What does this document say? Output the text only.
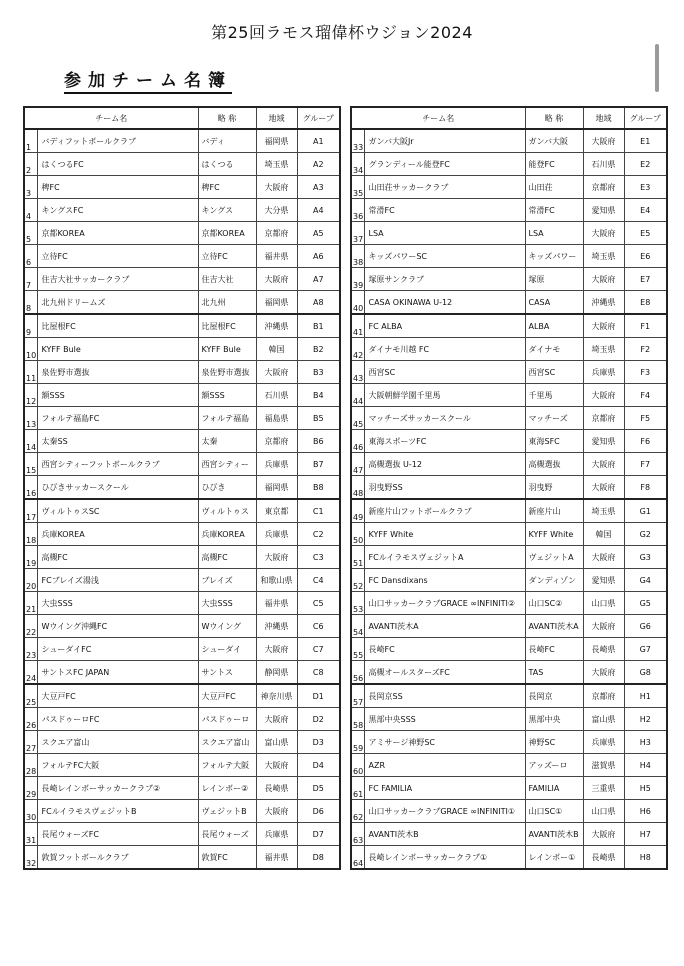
第25回ラモス瑠偉杯ウジョン2024
参加チーム名簿
チーム名		略 称	地域	グループ
1	バディフットボールクラブ	バディ	福岡県	A1
2	はくつるFC	はくつる	埼玉県	A2
3	稗FC	稗FC	大阪府	A3
4	キングスFC	キングス	大分県	A4
5	京都KOREA	京都KOREA	京都府	A5
6	立待FC	立待FC	福井県	A6
7	住吉大社サッカークラブ	住吉大社	大阪府	A7
8	北九州ドリームズ	北九州	福岡県	A8
9	比屋根FC	比屋根FC	沖縄県	B1
10	KYFF Bule	KYFF Bule	韓国	B2
11	泉佐野市選抜	泉佐野市選抜	大阪府	B3
12	額SSS	額SSS	石川県	B4
13	フォルテ福島FC	フォルテ福島	福島県	B5
14	太秦SS	太秦	京都府	B6
15	西宮シティーフットボールクラブ	西宮シティー	兵庫県	B7
16	ひびきサッカースクール	ひびき	福岡県	B8
17	ヴィルトゥスSC	ヴィルトゥス	東京都	C1
18	兵庫KOREA	兵庫KOREA	兵庫県	C2
19	高槻FC	高槻FC	大阪府	C3
20	FCブレイズ湯浅	ブレイズ	和歌山県	C4
21	大虫SSS	大虫SSS	福井県	C5
22	Wウイング沖縄FC	Wウイング	沖縄県	C6
23	シューダイFC	シューダイ	大阪府	C7
24	サントスFC JAPAN	サントス	静岡県	C8
25	大豆戸FC	大豆戸FC	神奈川県	D1
26	パスドゥーロFC	パスドゥーロ	大阪府	D2
27	スクエア富山	スクエア富山	富山県	D3
28	フォルテFC大阪	フォルテ大阪	大阪府	D4
29	長崎レインボーサッカークラブ②	レインボー②	長崎県	D5
30	FCルイラモスヴェジットB	ヴェジットB	大阪府	D6
31	長尾ウォーズFC	長尾ウォーズ	兵庫県	D7
32	敦賀フットボールクラブ	敦賀FC	福井県	D8
チーム名		略 称	地域	グループ
33	ガンバ大阪Jr	ガンバ大阪	大阪府	E1
34	グランディール能登FC	能登FC	石川県	E2
35	山田荘サッカークラブ	山田荘	京都府	E3
36	常滑FC	常滑FC	愛知県	E4
37	LSA	LSA	大阪府	E5
38	キッズパワーSC	キッズパワー	埼玉県	E6
39	塚原サンクラブ	塚原	大阪府	E7
40	CASA OKINAWA U-12	CASA	沖縄県	E8
41	FC ALBA	ALBA	大阪府	F1
42	ダイナモ川越 FC	ダイナモ	埼玉県	F2
43	西宮SC	西宮SC	兵庫県	F3
44	大阪朝鮮学園千里馬	千里馬	大阪府	F4
45	マッチーズサッカースクール	マッチーズ	京都府	F5
46	東海スポーツFC	東海SFC	愛知県	F6
47	高槻選抜 U-12	高槻選抜	大阪府	F7
48	羽曳野SS	羽曳野	大阪府	F8
49	新座片山フットボールクラブ	新座片山	埼玉県	G1
50	KYFF White	KYFF White	韓国	G2
51	FCルイラモスヴェジットA	ヴェジットA	大阪府	G3
52	FC Dansdixans	ダンディゾン	愛知県	G4
53	山口サッカークラブGRACE ∞INFINITI②	山口SC②	山口県	G5
54	AVANTI茨木A	AVANTI茨木A	大阪府	G6
55	長崎FC	長崎FC	長崎県	G7
56	高槻オールスターズFC	TAS	大阪府	G8
57	長岡京SS	長岡京	京都府	H1
58	黒部中央SSS	黒部中央	富山県	H2
59	アミサージ神野SC	神野SC	兵庫県	H3
60	AZR	アッズーロ	滋賀県	H4
61	FC FAMILIA	FAMILIA	三重県	H5
62	山口サッカークラブGRACE ∞INFINITI①	山口SC①	山口県	H6
63	AVANTI茨木B	AVANTI茨木B	大阪府	H7
64	長崎レインボーサッカークラブ①	レインボー①	長崎県	H8
